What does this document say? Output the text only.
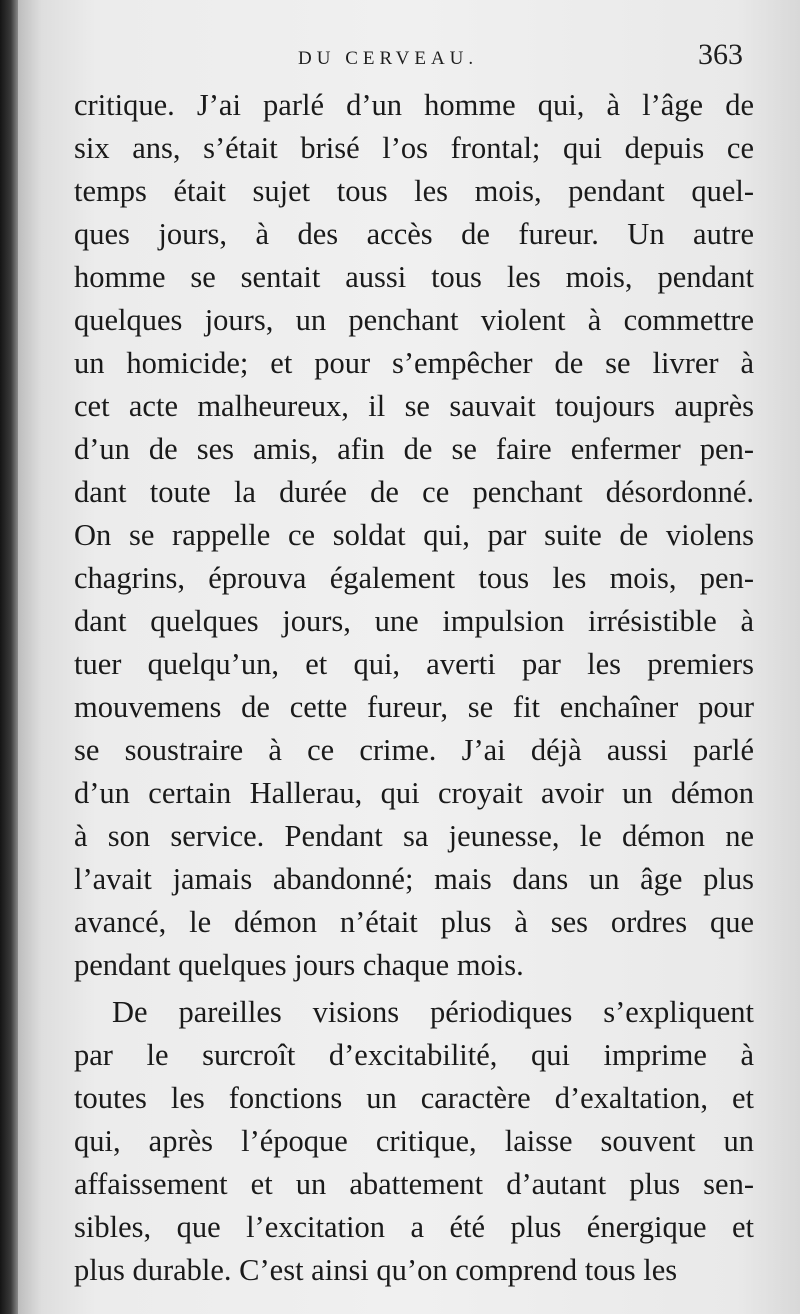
DU CERVEAU.	363
critique. J’ai parlé d’un homme qui, à l’âge de
six ans, s’était brisé l’os frontal; qui depuis ce
temps était sujet tous les mois, pendant quel-
ques jours, à des accès de fureur. Un autre
homme se sentait aussi tous les mois, pendant
quelques jours, un penchant violent à commettre
un homicide; et pour s’empêcher de se livrer à
cet acte malheureux, il se sauvait toujours auprès
d’un de ses amis, afin de se faire enfermer pen-
dant toute la durée de ce penchant désordonné.
On se rappelle ce soldat qui, par suite de violens
chagrins, éprouva également tous les mois, pen-
dant quelques jours, une impulsion irrésistible à
tuer quelqu’un, et qui, averti par les premiers
mouvemens de cette fureur, se fit enchaîner pour
se soustraire à ce crime. J’ai déjà aussi parlé
d’un certain Hallerau, qui croyait avoir un démon
à son service. Pendant sa jeunesse, le démon ne
l’avait jamais abandonné; mais dans un âge plus
avancé, le démon n’était plus à ses ordres que
pendant quelques jours chaque mois.
De pareilles visions périodiques s’expliquent
par le surcroît d’excitabilité, qui imprime à
toutes les fonctions un caractère d’exaltation, et
qui, après l’époque critique, laisse souvent un
affaissement et un abattement d’autant plus sen-
sibles, que l’excitation a été plus énergique et
plus durable. C’est ainsi qu’on comprend tous les
